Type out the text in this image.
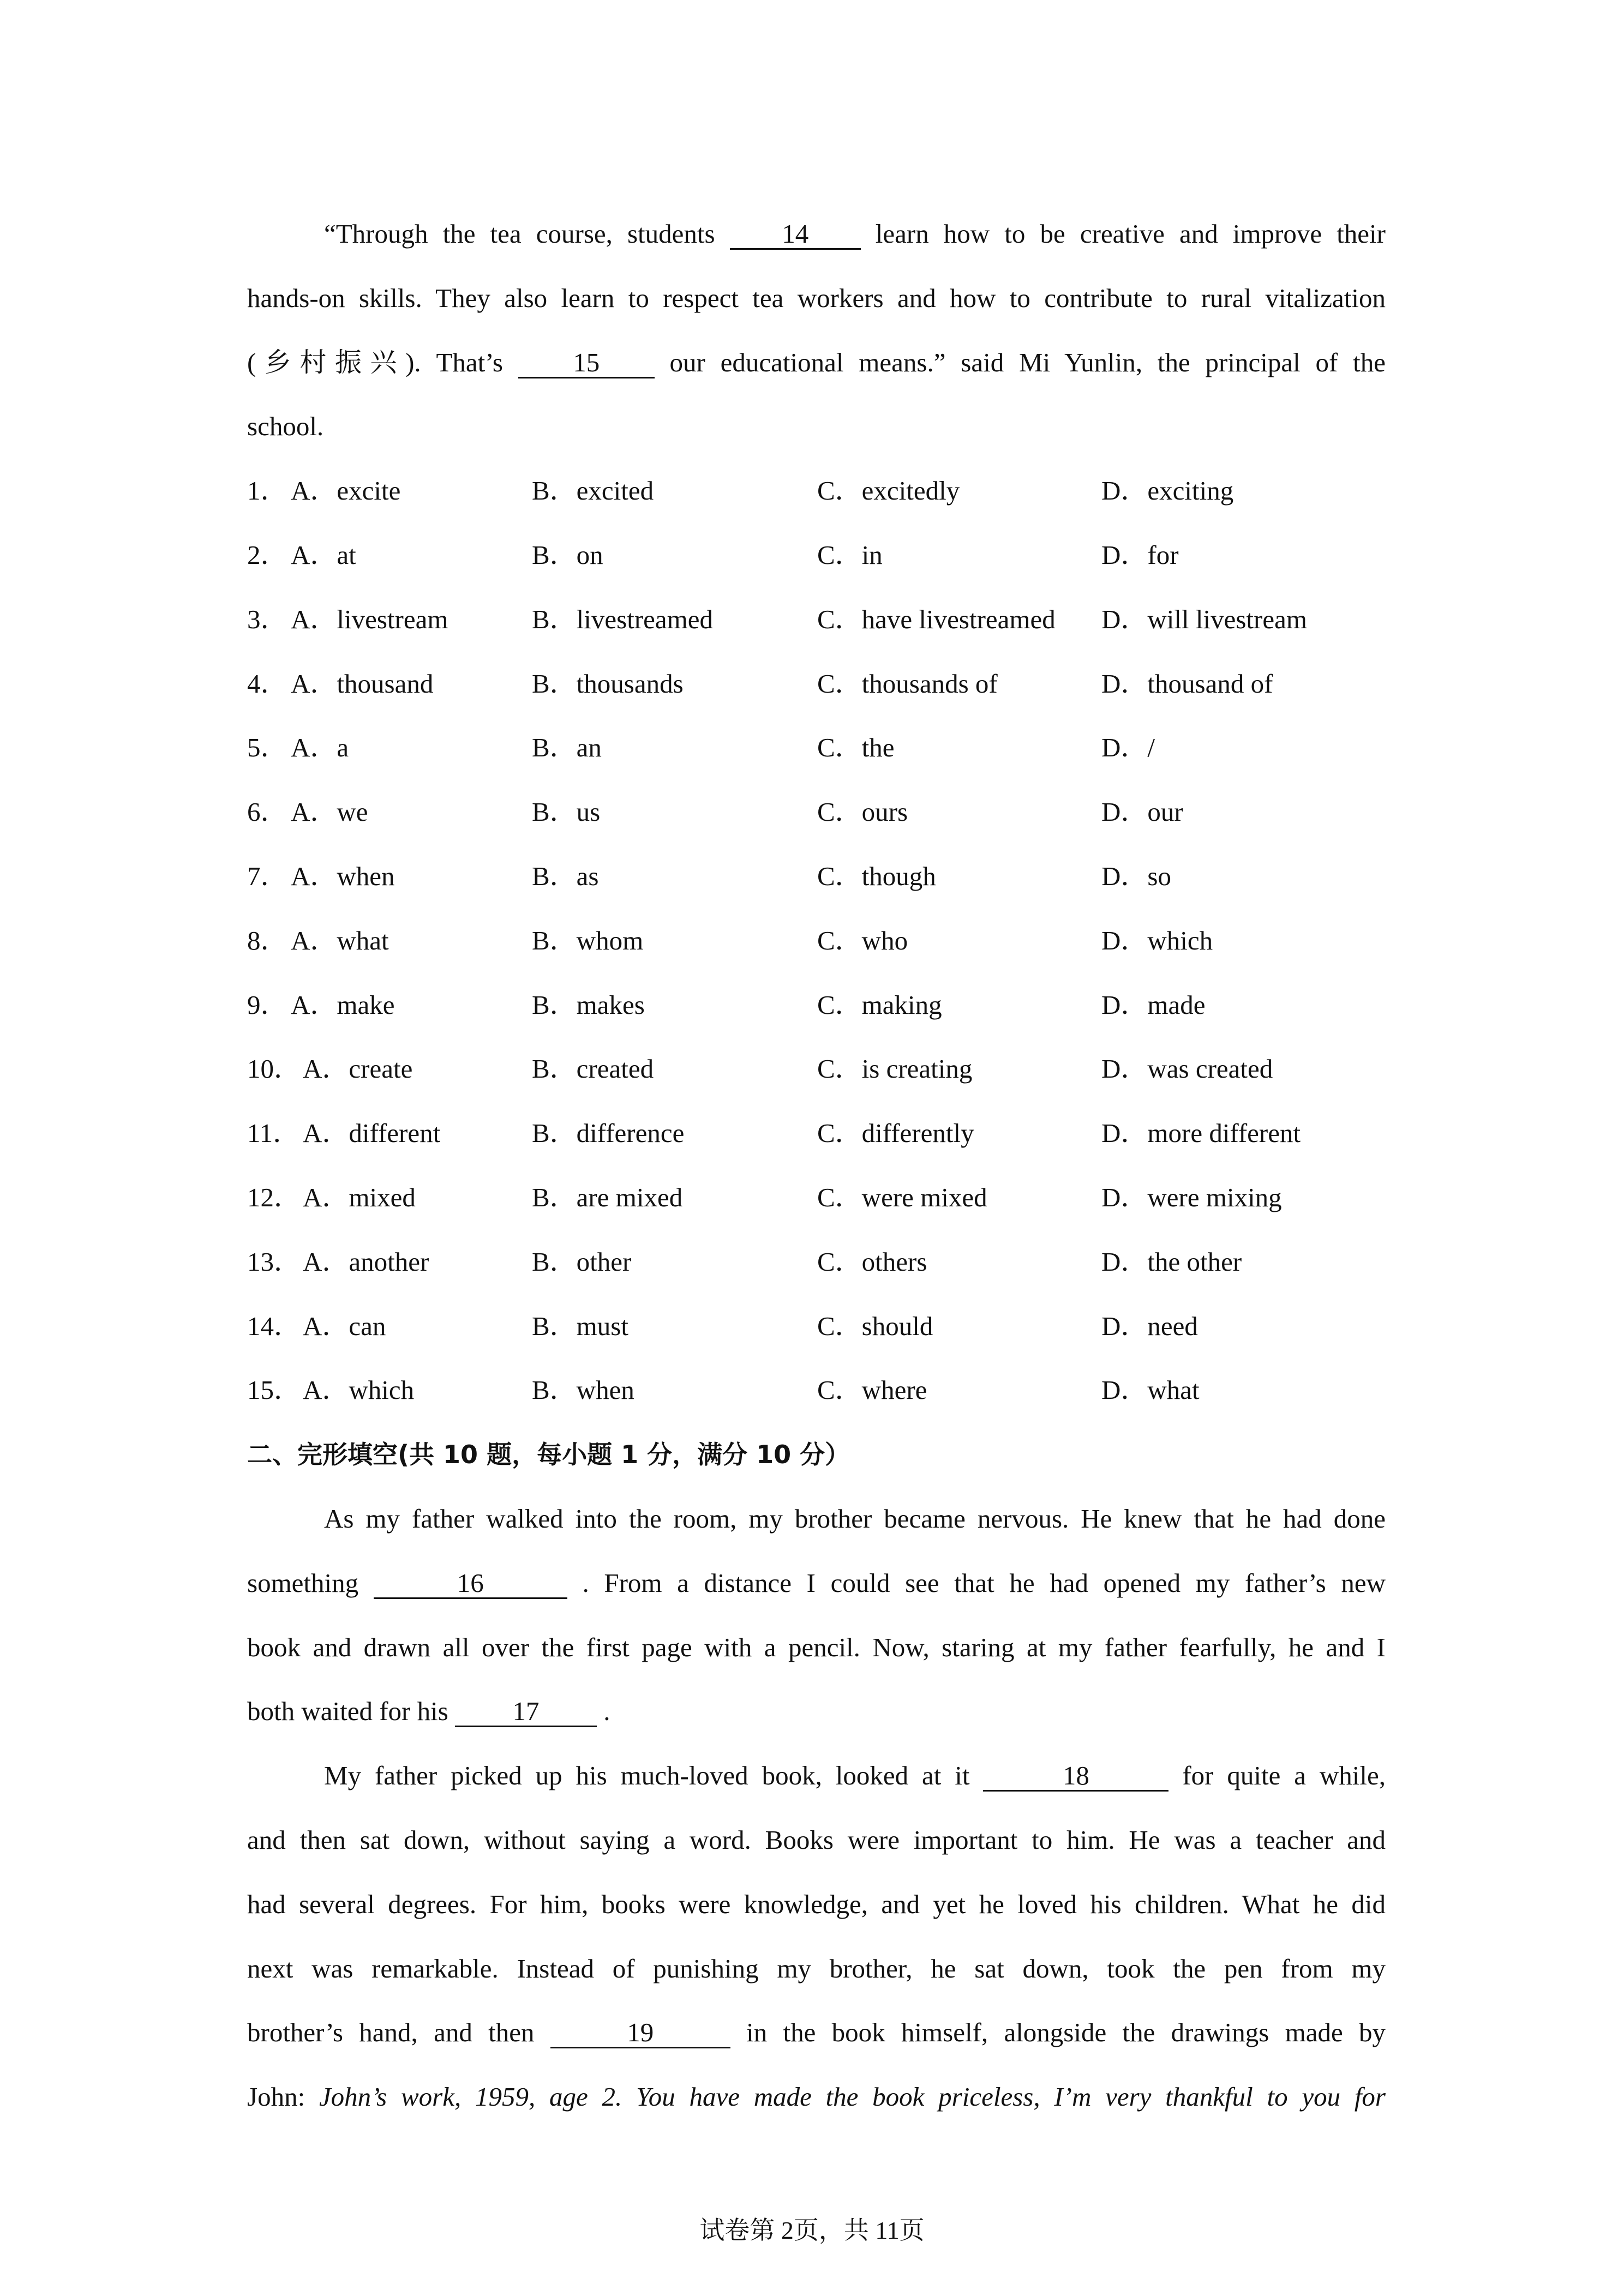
“Through the tea course, students 14	learn how to be creative and improve their
hands-on skills. They also learn to respect tea workers and how to contribute to rural vitalization
(乡村振兴). That’s 15	our educational means.” said Mi Yunlin, the principal of the
school.
1． A．excite	B．excited	C．excitedly	D．exciting
2． A．at	B．on	C．in	D．for
3． A．livestream	B．livestreamed	C．have livestreamed D．will livestream
4． A．thousand	B．thousands	C．thousands of	D．thousand of
5． A．a	B．an	C．the	D．/
6． A．we	B．us	C．ours	D．our
7． A．when	B．as	C．though	D．so
8． A．what	B．whom	C．who	D．which
9． A．make	B．makes	C．making	D．made
10． A．create	B．created	C．is creating	D．was created
11． A．different	B．difference	C．differently	D．more different
12． A．mixed	B．are mixed	C．were mixed	D．were mixing
13． A．another	B．other	C．others	D．the other
14． A．can	B．must	C．should	D．need
15． A．which	B．when	C．where	D．what
二、完形填空(共 10 题，每小题 1 分，满分 10 分）
As my father walked into the room, my brother became nervous. He knew that he had done
something	16	. From a distance I could see that he had opened my father’s new
book and drawn all over the first page with a pencil. Now, staring at my father fearfully, he and I
both waited for his 17 .
My father picked up his much-loved book, looked at it	18	for quite a while,
and then sat down, without saying a word. Books were important to him. He was a teacher and
had several degrees. For him, books were knowledge, and yet he loved his children. What he did
next was remarkable. Instead of punishing my brother, he sat down, took the pen from my
brother’s hand, and then	19	in the book himself, alongside the drawings made by
John: John’s work, 1959, age 2. You have made the book priceless, I’m very thankful to you for
试卷第 2页，共 11页
